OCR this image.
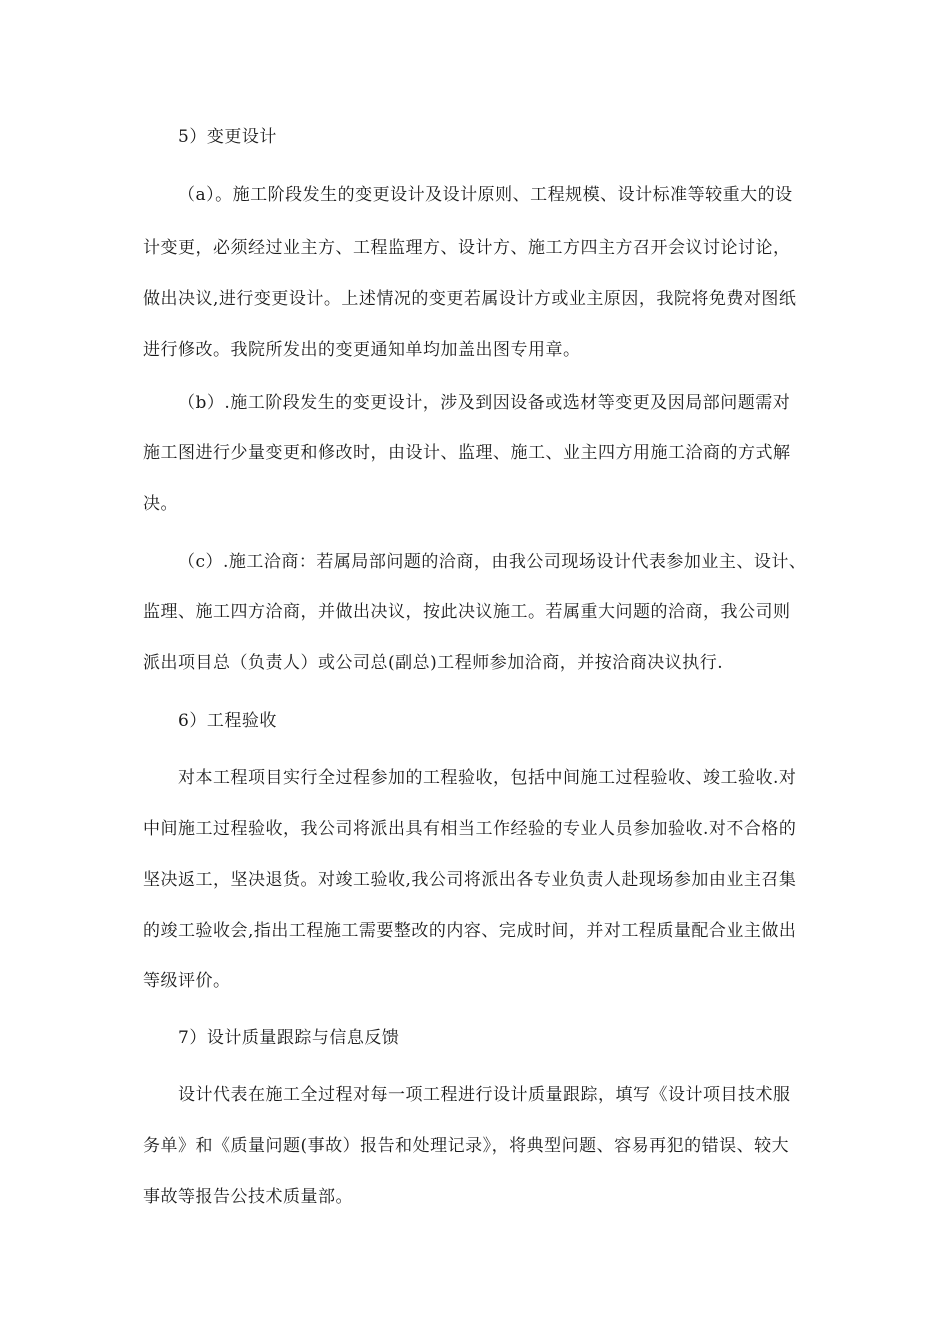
5）变更设计
（a）。施工阶段发生的变更设计及设计原则、工程规模、设计标准等较重大的设
计变更，必须经过业主方、工程监理方、设计方、施工方四主方召开会议讨论讨论，
做出决议,进行变更设计。上述情况的变更若属设计方或业主原因，我院将免费对图纸
进行修改。我院所发出的变更通知单均加盖出图专用章。
（b）.施工阶段发生的变更设计，涉及到因设备或选材等变更及因局部问题需对
施工图进行少量变更和修改时，由设计、监理、施工、业主四方用施工洽商的方式解
决。
（c）.施工洽商：若属局部问题的洽商，由我公司现场设计代表参加业主、设计、
监理、施工四方洽商，并做出决议，按此决议施工。若属重大问题的洽商，我公司则
派出项目总（负责人）或公司总(副总)工程师参加洽商，并按洽商决议执行.
6）工程验收
对本工程项目实行全过程参加的工程验收，包括中间施工过程验收、竣工验收.对
中间施工过程验收，我公司将派出具有相当工作经验的专业人员参加验收.对不合格的
坚决返工，坚决退货。对竣工验收,我公司将派出各专业负责人赴现场参加由业主召集
的竣工验收会,指出工程施工需要整改的内容、完成时间，并对工程质量配合业主做出
等级评价。
7）设计质量跟踪与信息反馈
设计代表在施工全过程对每一项工程进行设计质量跟踪，填写《设计项目技术服
务单》和《质量问题(事故）报告和处理记录》，将典型问题、容易再犯的错误、较大
事故等报告公技术质量部。
